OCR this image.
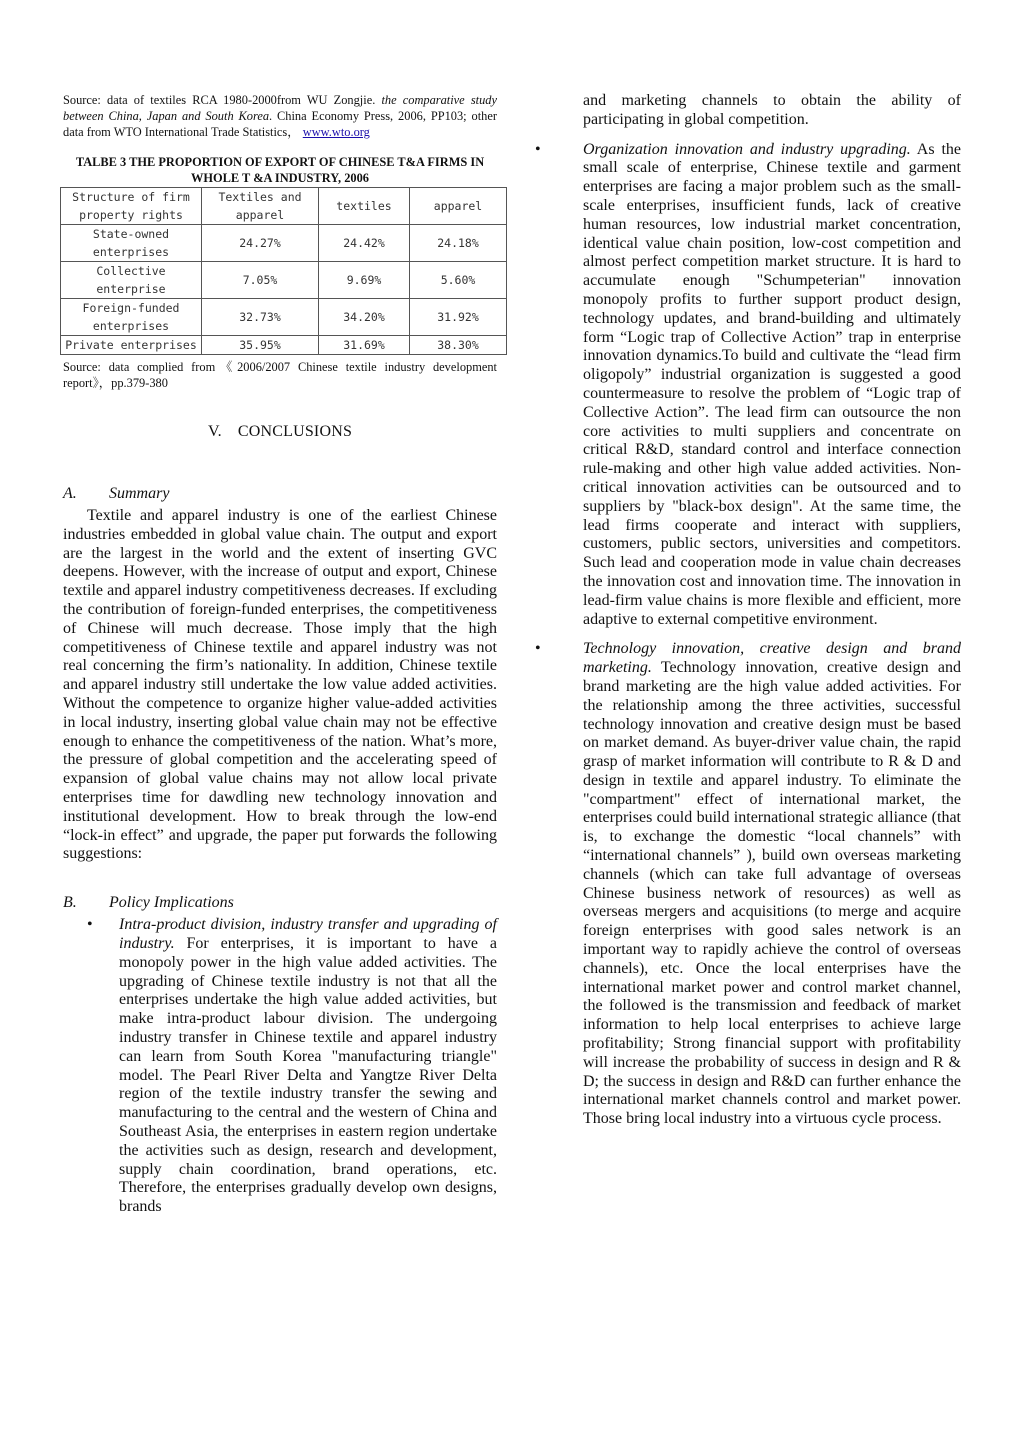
Source: data of textiles RCA 1980-2000from WU Zongjie. the comparative study between China, Japan and South Korea. China Economy Press, 2006, PP103; other data from WTO International Trade Statistics， www.wto.org

TALBE 3 THE PROPORTION OF EXPORT OF CHINESE T&A FIRMS IN WHOLE T &A INDUSTRY, 2006
Structure of firm property rights	Textiles and apparel	textiles	apparel
State-owned enterprises	24.27%	24.42%	24.18%
Collective enterprise	7.05%	9.69%	5.60%
Foreign-funded enterprises	32.73%	34.20%	31.92%
Private enterprises	35.95%	31.69%	38.30%

Source: data complied from《2006/2007 Chinese textile industry development report》，pp.379-380

V. CONCLUSIONS
A. Summary

Textile and apparel industry is one of the earliest Chinese industries embedded in global value chain. The output and export are the largest in the world and the extent of inserting GVC deepens. However, with the increase of output and export, Chinese textile and apparel industry competitiveness decreases. If excluding the contribution of foreign-funded enterprises, the competitiveness of Chinese will much decrease. Those imply that the high competitiveness of Chinese textile and apparel industry was not real concerning the firm’s nationality. In addition, Chinese textile and apparel industry still undertake the low value added activities. Without the competence to organize higher value-added activities in local industry, inserting global value chain may not be effective enough to enhance the competitiveness of the nation. What’s more, the pressure of global competition and the accelerating speed of expansion of global value chains may not allow local private enterprises time for dawdling new technology innovation and institutional development. How to break through the low-end “lock-in effect” and upgrade, the paper put forwards the following suggestions:

B. Policy Implications
• Intra-product division, industry transfer and upgrading of industry. For enterprises, it is important to have a monopoly power in the high value added activities. The upgrading of Chinese textile industry is not that all the enterprises undertake the high value added activities, but make intra-product labour division. The undergoing industry transfer in Chinese textile and apparel industry can learn from South Korea "manufacturing triangle" model. The Pearl River Delta and Yangtze River Delta region of the textile industry transfer the sewing and manufacturing to the central and the western of China and Southeast Asia, the enterprises in eastern region undertake the activities such as design, research and development, supply chain coordination, brand operations, etc. Therefore, the enterprises gradually develop own designs, brands

and marketing channels to obtain the ability of participating in global competition.

•	Organization innovation and industry upgrading. As the small scale of enterprise, Chinese textile and garment enterprises are facing a major problem such as the small-scale enterprises, insufficient funds, lack of creative human resources, low industrial market concentration, identical value chain position, low-cost competition and almost perfect competition market structure. It is hard to accumulate enough "Schumpeterian" innovation monopoly profits to further support product design, technology updates, and brand-building and ultimately form “Logic trap of Collective Action” trap in enterprise innovation dynamics.To build and cultivate the “lead firm oligopoly” industrial organization is suggested a good countermeasure to resolve the problem of “Logic trap of Collective Action”. The lead firm can outsource the non core activities to multi suppliers and concentrate on critical R&D, standard control and interface connection rule-making and other high value added activities. Non-critical innovation activities can be outsourced and to suppliers by "black-box design". At the same time, the lead firms cooperate and interact with suppliers, customers, public sectors, universities and competitors. Such lead and cooperation mode in value chain decreases the innovation cost and innovation time. The innovation in lead-firm value chains is more flexible and efficient, more adaptive to external competitive environment.
•	Technology innovation, creative design and brand marketing. Technology innovation, creative design and brand marketing are the high value added activities. For the relationship among the three activities, successful technology innovation and creative design must be based on market demand. As buyer-driver value chain, the rapid grasp of market information will contribute to R & D and design in textile and apparel industry. To eliminate the "compartment" effect of international market, the enterprises could build international strategic alliance (that is, to exchange the domestic “local channels” with “international channels” ), build own overseas marketing channels (which can take full advantage of overseas Chinese business network of resources) as well as overseas mergers and acquisitions (to merge and acquire foreign enterprises with good sales network is an important way to rapidly achieve the control of overseas channels), etc. Once the local enterprises have the international market power and control market channel, the followed is the transmission and feedback of market information to help local enterprises to achieve large profitability; Strong financial support with profitability will increase the probability of success in design and R & D; the success in design and R&D can further enhance the international market channels control and market power. Those bring local industry into a virtuous cycle process.
